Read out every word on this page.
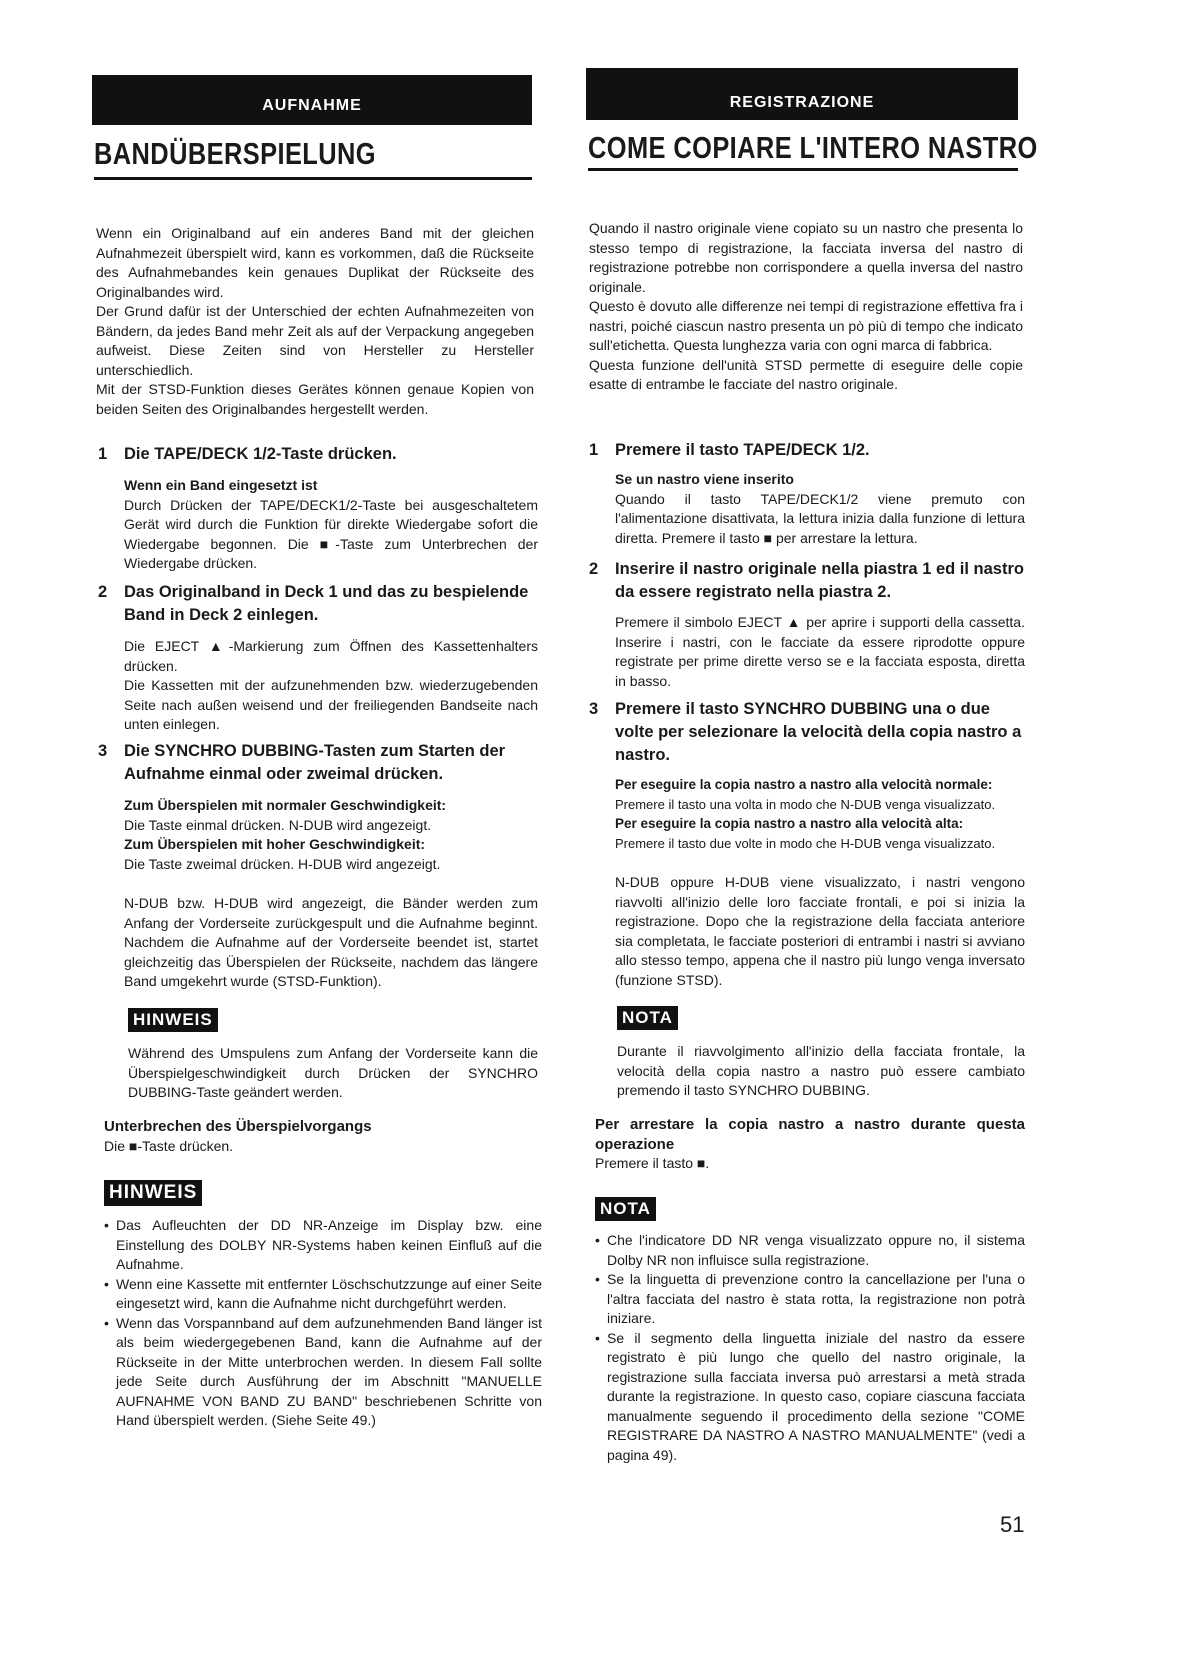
AUFNAHME
BANDÜBERSPIELUNG

Wenn ein Originalband auf ein anderes Band mit der gleichen Aufnahmezeit überspielt wird, kann es vorkommen, daß die Rückseite des Aufnahmebandes kein genaues Duplikat der Rückseite des Originalbandes wird.

Der Grund dafür ist der Unterschied der echten Aufnahmezeiten von Bändern, da jedes Band mehr Zeit als auf der Verpackung angegeben aufweist. Diese Zeiten sind von Hersteller zu Hersteller unterschiedlich.

Mit der STSD-Funktion dieses Gerätes können genaue Kopien von beiden Seiten des Originalbandes hergestellt werden.

1	Die TAPE/DECK 1/2-Taste drücken.
Wenn ein Band eingesetzt ist

Durch Drücken der TAPE/DECK1/2-Taste bei ausgeschaltetem Gerät wird durch die Funktion für direkte Wiedergabe sofort die Wiedergabe begonnen. Die ■-Taste zum Unterbrechen der Wiedergabe drücken.

2	Das Originalband in Deck 1 und das zu bespielende Band in Deck 2 einlegen.

Die EJECT ▲-Markierung zum Öffnen des Kassettenhalters drücken.

Die Kassetten mit der aufzunehmenden bzw. wiederzugebenden Seite nach außen weisend und der freiliegenden Bandseite nach unten einlegen.

3	Die SYNCHRO DUBBING-Tasten zum Starten der Aufnahme einmal oder zweimal drücken.
Zum Überspielen mit normaler Geschwindigkeit:

Die Taste einmal drücken. N-DUB wird angezeigt.

Zum Überspielen mit hoher Geschwindigkeit:

Die Taste zweimal drücken. H-DUB wird angezeigt.

N-DUB bzw. H-DUB wird angezeigt, die Bänder werden zum Anfang der Vorderseite zurückgespult und die Aufnahme beginnt. Nachdem die Aufnahme auf der Vorderseite beendet ist, startet gleichzeitig das Überspielen der Rückseite, nachdem das längere Band umgekehrt wurde (STSD-Funktion).

HINWEIS

Während des Umspulens zum Anfang der Vorderseite kann die Überspielgeschwindigkeit durch Drücken der SYNCHRO DUBBING-Taste geändert werden.

Unterbrechen des Überspielvorgangs

Die ■-Taste drücken.

HINWEIS
• Das Aufleuchten der DD NR-Anzeige im Display bzw. eine Einstellung des DOLBY NR-Systems haben keinen Einfluß auf die Aufnahme.
• Wenn eine Kassette mit entfernter Löschschutzzunge auf einer Seite eingesetzt wird, kann die Aufnahme nicht durchgeführt werden.
• Wenn das Vorspannband auf dem aufzunehmenden Band länger ist als beim wiedergegebenen Band, kann die Aufnahme auf der Rückseite in der Mitte unterbrochen werden. In diesem Fall sollte jede Seite durch Ausführung der im Abschnitt "MANUELLE AUFNAHME VON BAND ZU BAND" beschriebenen Schritte von Hand überspielt werden. (Siehe Seite 49.)
REGISTRAZIONE
COME COPIARE L'INTERO NASTRO

Quando il nastro originale viene copiato su un nastro che presenta lo stesso tempo di registrazione, la facciata inversa del nastro di registrazione potrebbe non corrispondere a quella inversa del nastro originale.

Questo è dovuto alle differenze nei tempi di registrazione effettiva fra i nastri, poiché ciascun nastro presenta un pò più di tempo che indicato sull'etichetta. Questa lunghezza varia con ogni marca di fabbrica.

Questa funzione dell'unità STSD permette di eseguire delle copie esatte di entrambe le facciate del nastro originale.

1	Premere il tasto TAPE/DECK 1/2.
Se un nastro viene inserito

Quando il tasto TAPE/DECK1/2 viene premuto con l'alimentazione disattivata, la lettura inizia dalla funzione di lettura diretta. Premere il tasto ■ per arrestare la lettura.

2	Inserire il nastro originale nella piastra 1 ed il nastro da essere registrato nella piastra 2.

Premere il simbolo EJECT ▲ per aprire i supporti della cassetta. Inserire i nastri, con le facciate da essere riprodotte oppure registrate per prime dirette verso se e la facciata esposta, diretta in basso.

3	Premere il tasto SYNCHRO DUBBING una o due volte per selezionare la velocità della copia nastro a nastro.
Per eseguire la copia nastro a nastro alla velocità normale:

Premere il tasto una volta in modo che N-DUB venga visualizzato.

Per eseguire la copia nastro a nastro alla velocità alta:

Premere il tasto due volte in modo che H-DUB venga visualizzato.

N-DUB oppure H-DUB viene visualizzato, i nastri vengono riavvolti all'inizio delle loro facciate frontali, e poi si inizia la registrazione. Dopo che la registrazione della facciata anteriore sia completata, le facciate posteriori di entrambi i nastri si avviano allo stesso tempo, appena che il nastro più lungo venga inversato (funzione STSD).

NOTA

Durante il riavvolgimento all'inizio della facciata frontale, la velocità della copia nastro a nastro può essere cambiato premendo il tasto SYNCHRO DUBBING.

Per arrestare la copia nastro a nastro durante questa operazione

Premere il tasto ■.

NOTA
• Che l'indicatore DD NR venga visualizzato oppure no, il sistema Dolby NR non influisce sulla registrazione.
• Se la linguetta di prevenzione contro la cancellazione per l'una o l'altra facciata del nastro è stata rotta, la registrazione non potrà iniziare.
• Se il segmento della linguetta iniziale del nastro da essere registrato è più lungo che quello del nastro originale, la registrazione sulla facciata inversa può arrestarsi a metà strada durante la registrazione. In questo caso, copiare ciascuna facciata manualmente seguendo il procedimento della sezione "COME REGISTRARE DA NASTRO A NASTRO MANUALMENTE" (vedi a pagina 49).
51
